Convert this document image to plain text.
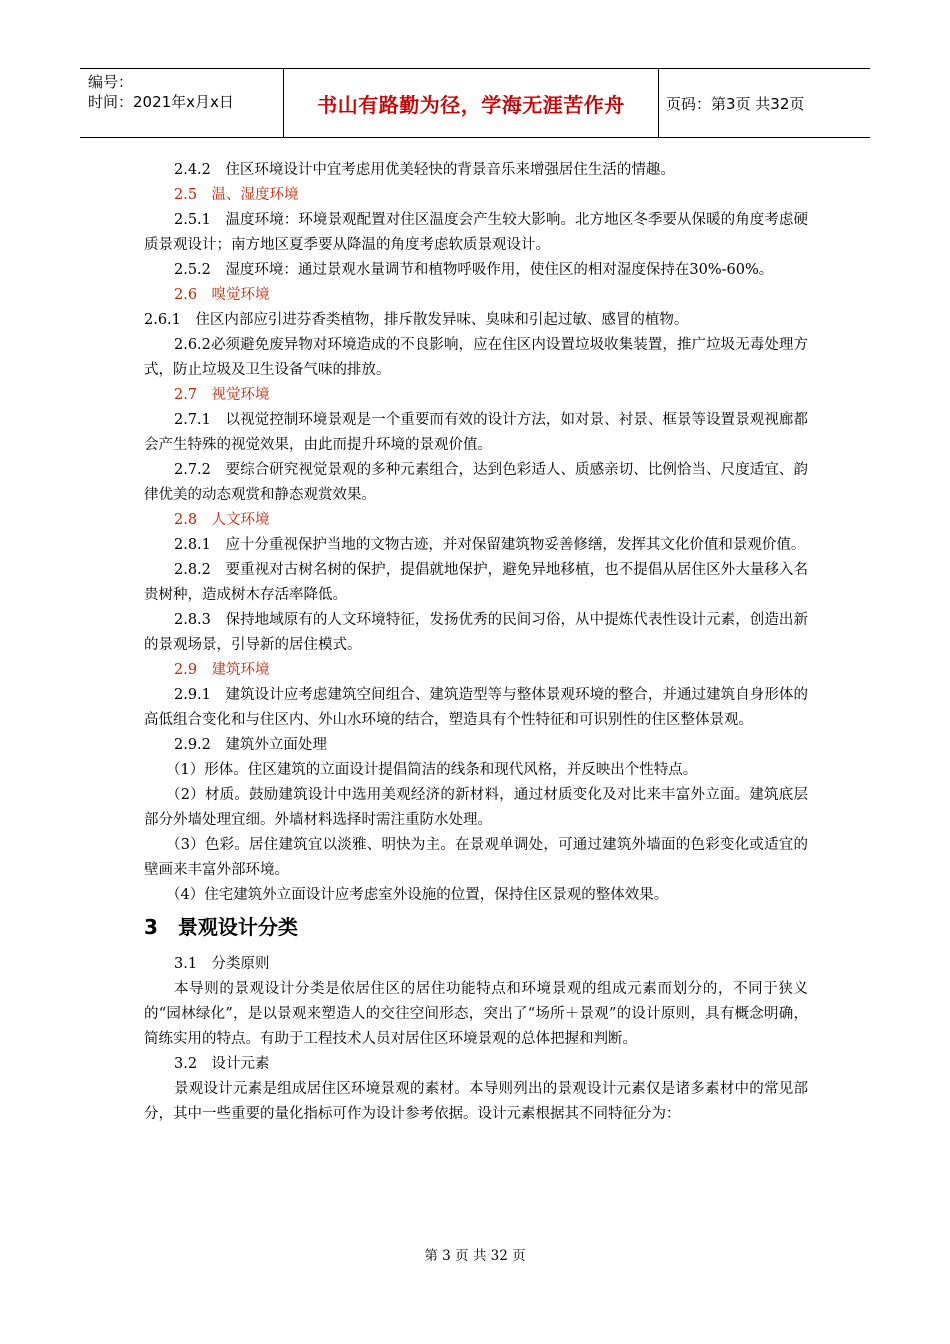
编号：
时间：2021年x月x日	书山有路勤为径，学海无涯苦作舟	页码：第3页 共32页

2.4.2　住区环境设计中宜考虑用优美轻快的背景音乐来增强居住生活的情趣。

2.5　温、湿度环境

2.5.1　温度环境：环境景观配置对住区温度会产生较大影响。北方地区冬季要从保暖的角度考虑硬质景观设计；南方地区夏季要从降温的角度考虑软质景观设计。

2.5.2　湿度环境：通过景观水量调节和植物呼吸作用，使住区的相对湿度保持在30%-60%。

2.6　嗅觉环境

2.6.1　住区内部应引进芬香类植物，排斥散发异味、臭味和引起过敏、感冒的植物。

2.6.2必须避免废异物对环境造成的不良影响，应在住区内设置垃圾收集装置，推广垃圾无毒处理方式，防止垃圾及卫生设备气味的排放。

2.7　视觉环境

2.7.1　以视觉控制环境景观是一个重要而有效的设计方法，如对景、衬景、框景等设置景观视廊都会产生特殊的视觉效果，由此而提升环境的景观价值。

2.7.2　要综合研究视觉景观的多种元素组合，达到色彩适人、质感亲切、比例恰当、尺度适宜、韵律优美的动态观赏和静态观赏效果。

2.8　人文环境

2.8.1　应十分重视保护当地的文物古迹，并对保留建筑物妥善修缮，发挥其文化价值和景观价值。

2.8.2　要重视对古树名树的保护，提倡就地保护，避免异地移植，也不提倡从居住区外大量移入名贵树种，造成树木存活率降低。

2.8.3　保持地域原有的人文环境特征，发扬优秀的民间习俗，从中提炼代表性设计元素，创造出新的景观场景，引导新的居住模式。

2.9　建筑环境

2.9.1　建筑设计应考虑建筑空间组合、建筑造型等与整体景观环境的整合，并通过建筑自身形体的高低组合变化和与住区内、外山水环境的结合，塑造具有个性特征和可识别性的住区整体景观。

2.9.2　建筑外立面处理

（1）形体。住区建筑的立面设计提倡简洁的线条和现代风格，并反映出个性特点。

（2）材质。鼓励建筑设计中选用美观经济的新材料，通过材质变化及对比来丰富外立面。建筑底层部分外墙处理宜细。外墙材料选择时需注重防水处理。

（3）色彩。居住建筑宜以淡雅、明快为主。在景观单调处，可通过建筑外墙面的色彩变化或适宜的壁画来丰富外部环境。

（4）住宅建筑外立面设计应考虑室外设施的位置，保持住区景观的整体效果。

3　景观设计分类

3.1　分类原则

本导则的景观设计分类是依居住区的居住功能特点和环境景观的组成元素而划分的，不同于狭义的“园林绿化”，是以景观来塑造人的交往空间形态，突出了“场所＋景观”的设计原则，具有概念明确，简练实用的特点。有助于工程技术人员对居住区环境景观的总体把握和判断。

3.2　设计元素

景观设计元素是组成居住区环境景观的素材。本导则列出的景观设计元素仅是诸多素材中的常见部分，其中一些重要的量化指标可作为设计参考依据。设计元素根据其不同特征分为：

第 3 页 共 32 页
